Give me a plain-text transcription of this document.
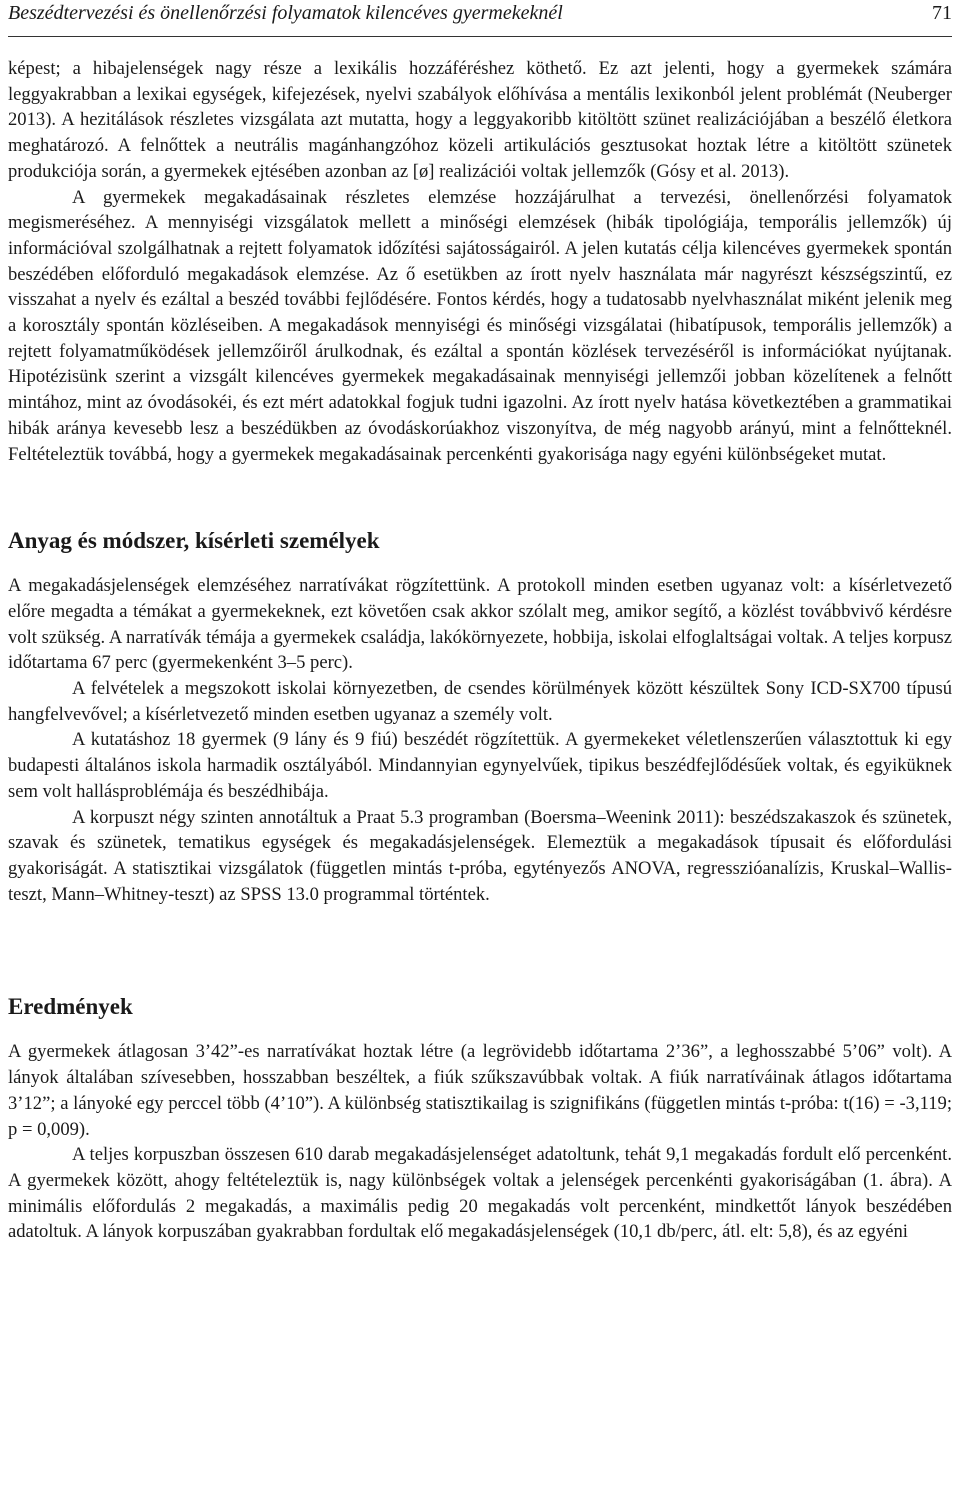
Beszédtervezési és önellenőrzési folyamatok kilencéves gyermekeknél	71

képest; a hibajelenségek nagy része a lexikális hozzáféréshez köthető. Ez azt jelenti, hogy a gyermekek számára leggyakrabban a lexikai egységek, kifejezések, nyelvi szabályok előhívása a mentális lexikonból jelent problémát (Neuberger 2013). A hezitálások részletes vizsgálata azt mutatta, hogy a leggyakoribb kitöltött szünet realizációjában a beszélő életkora meghatározó. A felnőttek a neutrális magánhangzóhoz közeli artikulációs gesztusokat hoztak létre a kitöltött szünetek produkciója során, a gyermekek ejtésében azonban az [ø] realizációi voltak jellemzők (Gósy et al. 2013).

A gyermekek megakadásainak részletes elemzése hozzájárulhat a tervezési, önellenőrzési folyamatok megismeréséhez. A mennyiségi vizsgálatok mellett a minőségi elemzések (hibák tipológiája, temporális jellemzők) új információval szolgálhatnak a rejtett folyamatok időzítési sajátosságairól. A jelen kutatás célja kilencéves gyermekek spontán beszédében előforduló megakadások elemzése. Az ő esetükben az írott nyelv használata már nagyrészt készségszintű, ez visszahat a nyelv és ezáltal a beszéd további fejlődésére. Fontos kérdés, hogy a tudatosabb nyelvhasználat miként jelenik meg a korosztály spontán közléseiben. A megakadások mennyiségi és minőségi vizsgálatai (hibatípusok, temporális jellemzők) a rejtett folyamatműködések jellemzőiről árulkodnak, és ezáltal a spontán közlések tervezéséről is információkat nyújtanak. Hipotézisünk szerint a vizsgált kilencéves gyermekek megakadásainak mennyiségi jellemzői jobban közelítenek a felnőtt mintához, mint az óvodásokéi, és ezt mért adatokkal fogjuk tudni igazolni. Az írott nyelv hatása következtében a grammatikai hibák aránya kevesebb lesz a beszédükben az óvodáskorúakhoz viszonyítva, de még nagyobb arányú, mint a felnőtteknél. Feltételeztük továbbá, hogy a gyermekek megakadásainak percenkénti gyakorisága nagy egyéni különbségeket mutat.

Anyag és módszer, kísérleti személyek

A megakadásjelenségek elemzéséhez narratívákat rögzítettünk. A protokoll minden esetben ugyanaz volt: a kísérletvezető előre megadta a témákat a gyermekeknek, ezt követően csak akkor szólalt meg, amikor segítő, a közlést továbbvivő kérdésre volt szükség. A narratívák témája a gyermekek családja, lakókörnyezete, hobbija, iskolai elfoglaltságai voltak. A teljes korpusz időtartama 67 perc (gyermekenként 3–5 perc).

A felvételek a megszokott iskolai környezetben, de csendes körülmények között készültek Sony ICD-SX700 típusú hangfelvevővel; a kísérletvezető minden esetben ugyanaz a személy volt.

A kutatáshoz 18 gyermek (9 lány és 9 fiú) beszédét rögzítettük. A gyermekeket véletlenszerűen választottuk ki egy budapesti általános iskola harmadik osztályából. Mindannyian egynyelvűek, tipikus beszédfejlődésűek voltak, és egyiküknek sem volt hallásproblémája és beszédhibája.

A korpuszt négy szinten annotáltuk a Praat 5.3 programban (Boersma–Weenink 2011): beszédszakaszok és szünetek, szavak és szünetek, tematikus egységek és megakadásjelenségek. Elemeztük a megakadások típusait és előfordulási gyakoriságát. A statisztikai vizsgálatok (független mintás t-próba, egytényezős ANOVA, regresszióanalízis, Kruskal–Wallis-teszt, Mann–Whitney-teszt) az SPSS 13.0 programmal történtek.

Eredmények

A gyermekek átlagosan 3’42”-es narratívákat hoztak létre (a legrövidebb időtartama 2’36”, a leghosszabbé 5’06” volt). A lányok általában szívesebben, hosszabban beszéltek, a fiúk szűkszavúbbak voltak. A fiúk narratíváinak átlagos időtartama 3’12”; a lányoké egy perccel több (4’10”). A különbség statisztikailag is szignifikáns (független mintás t-próba: t(16) = -3,119; p = 0,009).

A teljes korpuszban összesen 610 darab megakadásjelenséget adatoltunk, tehát 9,1 megakadás fordult elő percenként. A gyermekek között, ahogy feltételeztük is, nagy különbségek voltak a jelenségek percenkénti gyakoriságában (1. ábra). A minimális előfordulás 2 megakadás, a maximális pedig 20 megakadás volt percenként, mindkettőt lányok beszédében adatoltuk. A lányok korpuszában gyakrabban fordultak elő megakadásjelenségek (10,1 db/perc, átl. elt: 5,8), és az egyéni
